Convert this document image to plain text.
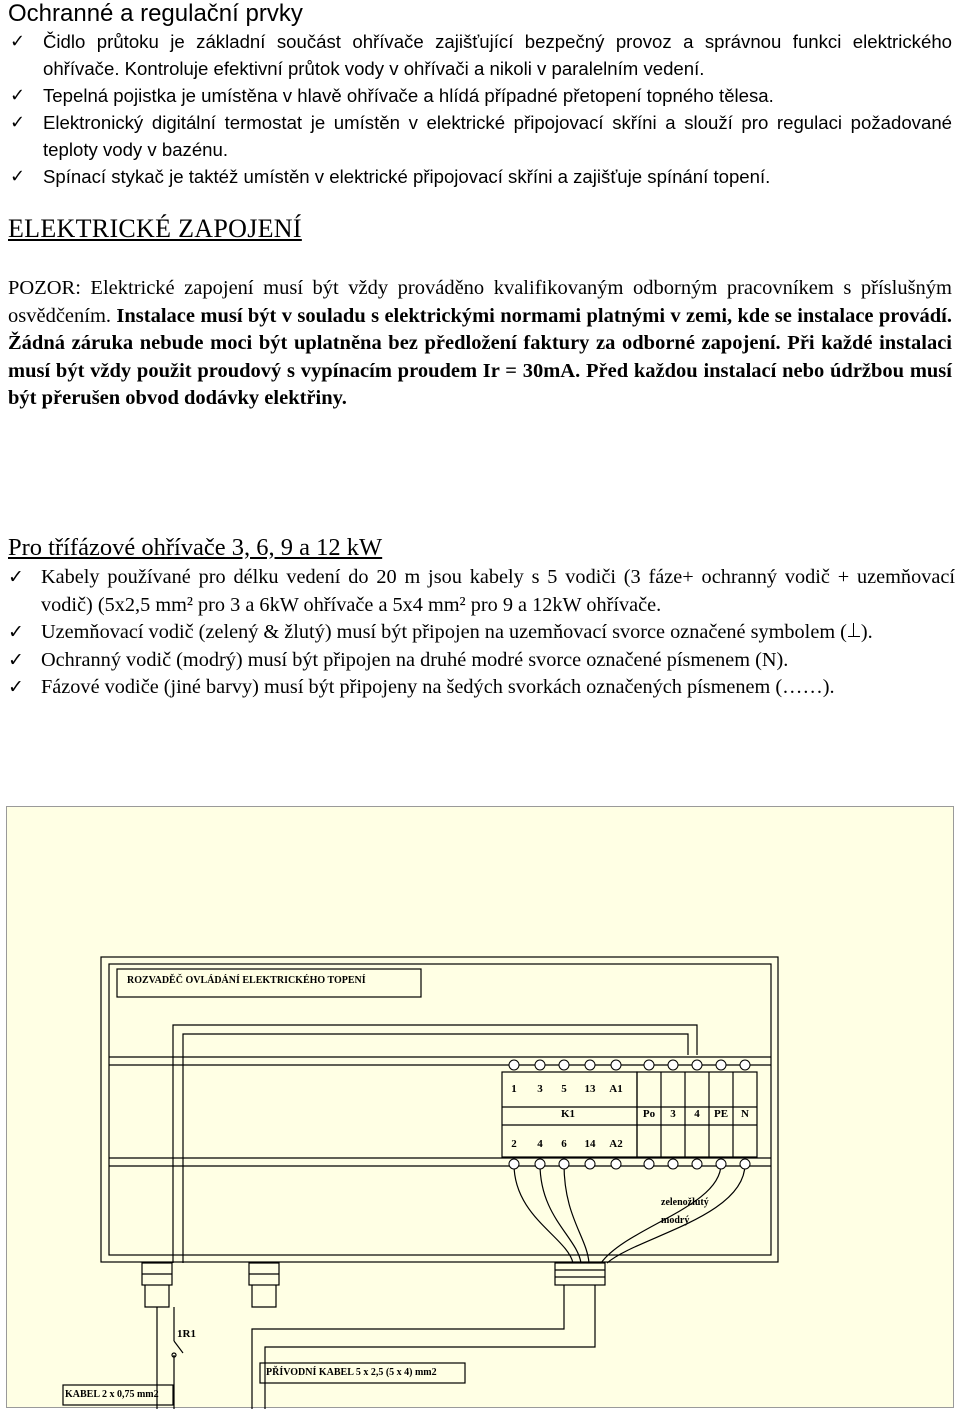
Ochranné a regulační prvky
✓ Čidlo průtoku je základní součást ohřívače zajišťující bezpečný provoz a správnou funkci elektrického ohřívače. Kontroluje efektivní průtok vody v ohřívači a nikoli v paralelním vedení.
✓ Tepelná pojistka je umístěna v hlavě ohřívače a hlídá případné přetopení topného tělesa.
✓ Elektronický digitální termostat je umístěn v elektrické připojovací skříni a slouží pro regulaci požadované teploty vody v bazénu.
✓ Spínací stykač je taktéž umístěn v elektrické připojovací skříni a zajišťuje spínání topení.
ELEKTRICKÉ ZAPOJENÍ
POZOR: Elektrické zapojení musí být vždy prováděno kvalifikovaným odborným pracovníkem s příslušným osvědčením. Instalace musí být v souladu s elektrickými normami platnými v zemi, kde se instalace provádí. Žádná záruka nebude moci být uplatněna bez předložení faktury za odborné zapojení. Při každé instalaci musí být vždy použit proudový s vypínacím proudem Ir = 30mA. Před každou instalací nebo údržbou musí být přerušen obvod dodávky elektřiny.
Pro třífázové ohřívače 3, 6, 9 a 12 kW
✓ Kabely používané pro délku vedení do 20 m jsou kabely s 5 vodiči (3 fáze+ ochranný vodič + uzemňovací vodič) (5x2,5 mm² pro 3 a 6kW ohřívače a 5x4 mm² pro 9 a 12kW ohřívače.
✓ Uzemňovací vodič (zelený & žlutý) musí být připojen na uzemňovací svorce označené symbolem ( ).
✓ Ochranný vodič (modrý) musí být připojen na druhé modré svorce označené písmenem (N).
✓ Fázové vodiče (jiné barvy) musí být připojeny na šedých svorkách označených písmenem (……).
ROZVADĚČ OVLÁDÁNÍ ELEKTRICKÉHO TOPENÍ
1	3	5	13	A1
K1
2	4	6	14	A2
Po	3	4	PE	N
zelenožlutý
modrý
1R1
PŘÍVODNÍ KABEL 5 x 2,5 (5 x 4) mm2
KABEL 2 x 0,75 mm2
